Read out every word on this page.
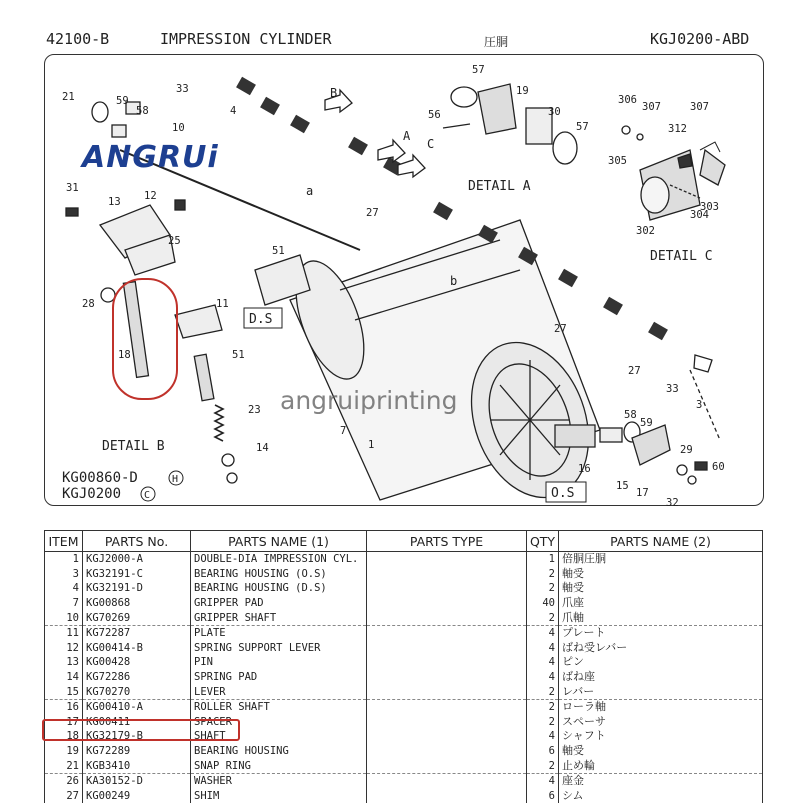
42100-B	IMPRESSION CYLINDER	圧胴	KGJ0200-ABD
DETAIL A
DETAIL B
DETAIL C
B
A
C
a
b
KG00860-D
KGJ0200
H
C
D.S
O.S
21	59
58
10
33
4
57
19
56	30
57
306
307	307
312
305
31
13 12
25
27	303
304
302
51
28	11
18	51
23
14
7
1
27
27
33
3
58
59
29
16
15
17
60
32
ANGRUi
angruiprinting
ITEM	PARTS No.	PARTS NAME (1)	PARTS TYPE	QTY	PARTS NAME (2)
1	KGJ2000-A	DOUBLE-DIA IMPRESSION CYL.		1	倍胴圧胴
3	KG32191-C	BEARING HOUSING (O.S)		2	軸受
4	KG32191-D	BEARING HOUSING (D.S)		2	軸受
7	KG00868	GRIPPER PAD		40	爪座
10	KG70269	GRIPPER SHAFT		2	爪軸
11	KG72287	PLATE		4	プレート
12	KG00414-B	SPRING SUPPORT LEVER		4	ばね受レバー
13	KG00428	PIN		4	ピン
14	KG72286	SPRING PAD		4	ばね座
15	KG70270	LEVER		2	レバー
16	KG00410-A	ROLLER SHAFT		2	ローラ軸
17	KG00411	SPACER		2	スペーサ
18	KG32179-B	SHAFT		4	シャフト
19	KG72289	BEARING HOUSING		6	軸受
21	KGB3410	SNAP RING		2	止め輪
26	KA30152-D	WASHER		4	座金
27	KG00249	SHIM		6	シム
